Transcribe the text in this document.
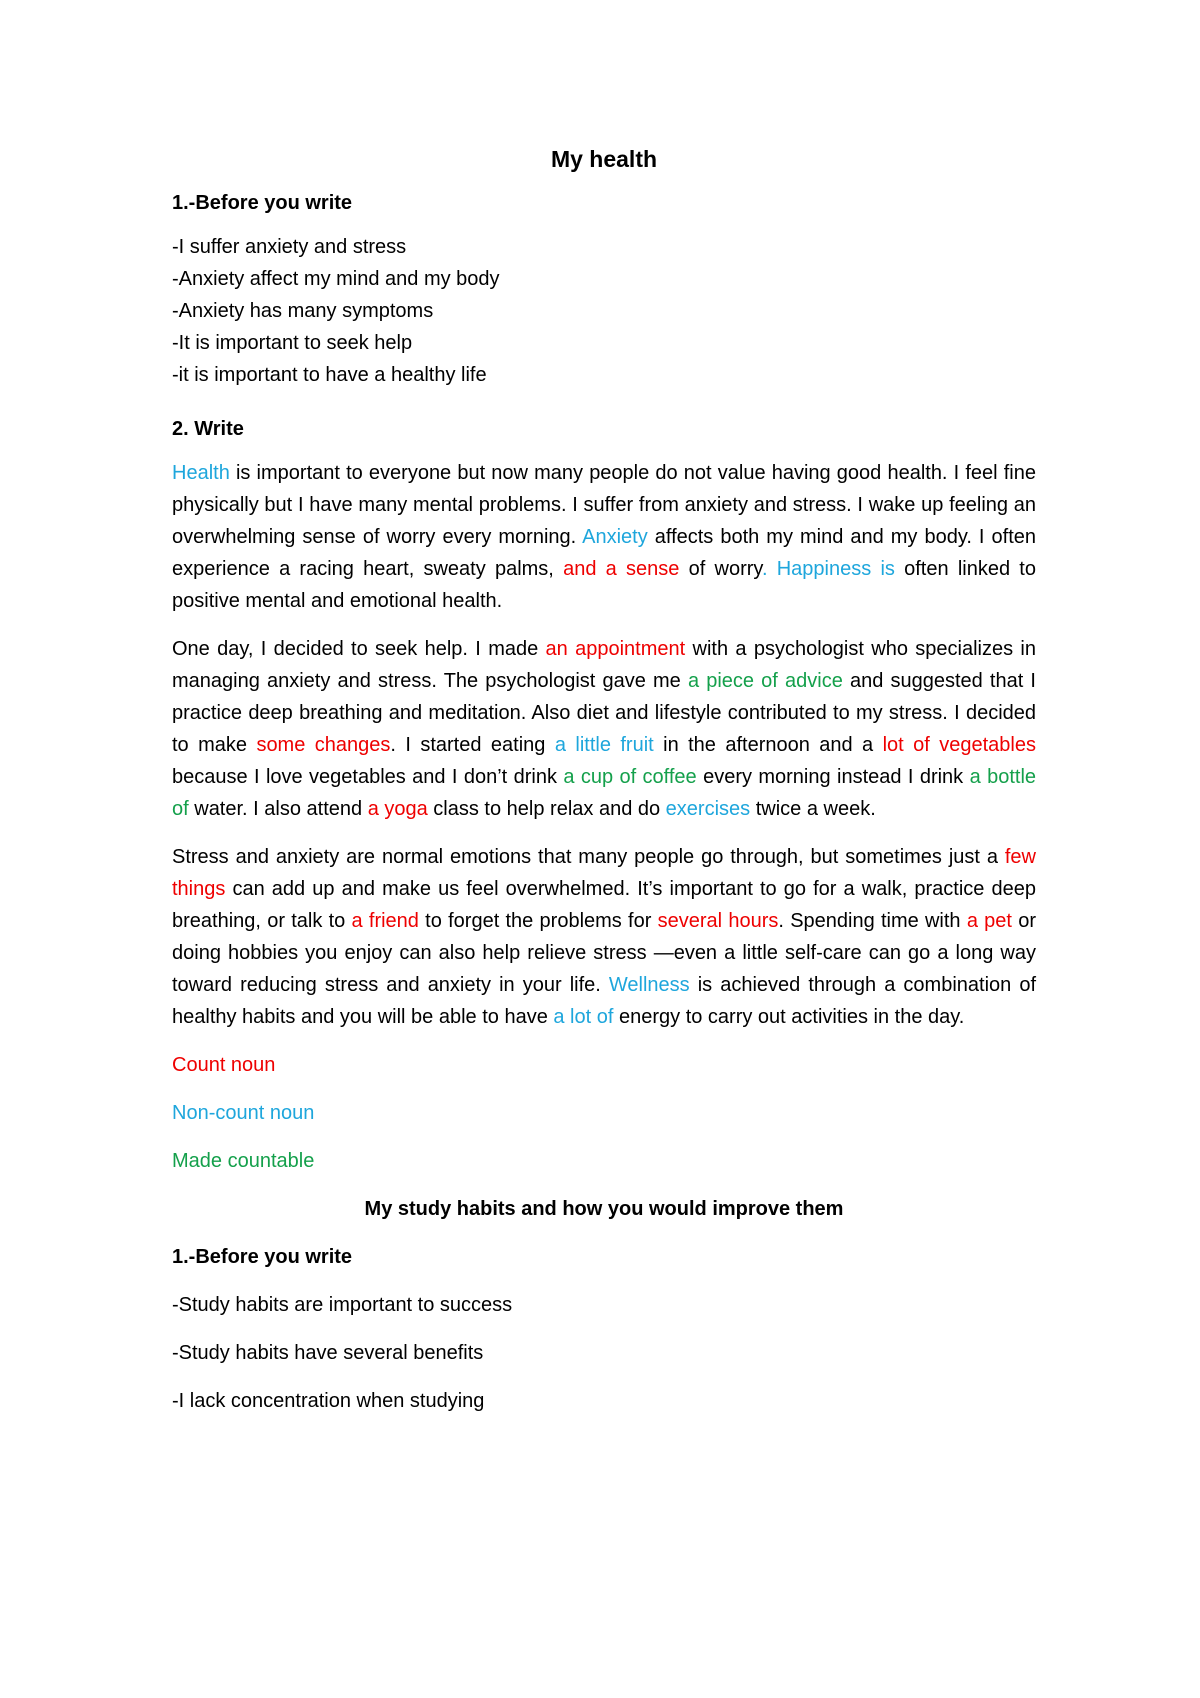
My health
1.-Before you write
-I suffer anxiety and stress
-Anxiety affect my mind and my body
-Anxiety has many symptoms
-It is important to seek help
-it is important to have a healthy life
2. Write
Health is important to everyone but now many people do not value having good health. I feel fine physically but I have many mental problems. I suffer from anxiety and stress. I wake up feeling an overwhelming sense of worry every morning. Anxiety affects both my mind and my body. I often experience a racing heart, sweaty palms, and a sense of worry. Happiness is often linked to positive mental and emotional health.
One day, I decided to seek help. I made an appointment with a psychologist who specializes in managing anxiety and stress. The psychologist gave me a piece of advice and suggested that I practice deep breathing and meditation. Also diet and lifestyle contributed to my stress. I decided to make some changes. I started eating a little fruit in the afternoon and a lot of vegetables because I love vegetables and I don’t drink a cup of coffee every morning instead I drink a bottle of water. I also attend a yoga class to help relax and do exercises twice a week.
Stress and anxiety are normal emotions that many people go through, but sometimes just a few things can add up and make us feel overwhelmed. It’s important to go for a walk, practice deep breathing, or talk to a friend to forget the problems for several hours. Spending time with a pet or doing hobbies you enjoy can also help relieve stress —even a little self-care can go a long way toward reducing stress and anxiety in your life. Wellness is achieved through a combination of healthy habits and you will be able to have a lot of energy to carry out activities in the day.
Count noun
Non-count noun
Made countable
My study habits and how you would improve them
1.-Before you write
-Study habits are important to success
-Study habits have several benefits
-I lack concentration when studying
